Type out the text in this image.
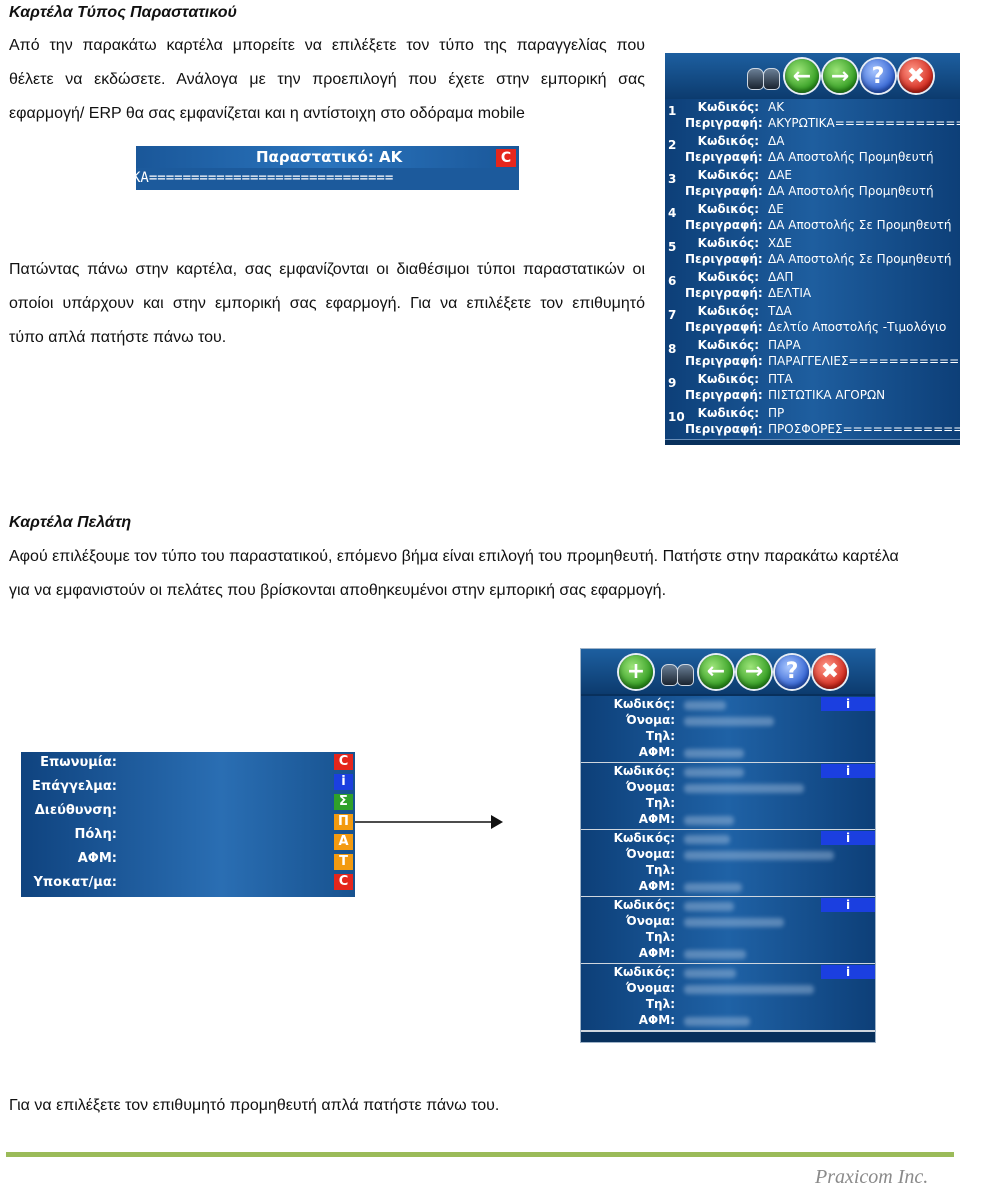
Καρτέλα Τύπος Παραστατικού
Από την παρακάτω καρτέλα μπορείτε να επιλέξετε τον τύπο της παραγγελίας που
θέλετε να εκδώσετε. Ανάλογα με την προεπιλογή που έχετε στην εμπορική σας
εφαρμογή/ ERP θα σας εμφανίζεται και η αντίστοιχη στο οδόραμα mobile
Παραστατικό: ΑΚ	C
ΚΑ=============================
Πατώντας πάνω στην καρτέλα, σας εμφανίζονται οι διαθέσιμοι τύποι παραστατικών οι
οποίοι υπάρχουν και στην εμπορική σας εφαρμογή. Για να επιλέξετε τον επιθυμητό
τύπο απλά πατήστε πάνω του.
← →	?	✖
1	Κωδικός: ΑΚ
Περιγραφή: ΑΚΥΡΩΤΙΚΑ===============
2	Κωδικός: ΔΑ
Περιγραφή: ΔΑ Αποστολής Προμηθευτή
3	Κωδικός: ΔΑΕ
Περιγραφή: ΔΑ Αποστολής Προμηθευτή
4	Κωδικός: ΔΕ
Περιγραφή: ΔΑ Αποστολής Σε Προμηθευτή
5	Κωδικός: ΧΔΕ
Περιγραφή: ΔΑ Αποστολής Σε Προμηθευτή
6	Κωδικός: ΔΑΠ
Περιγραφή: ΔΕΛΤΙΑ
7	Κωδικός: ΤΔΑ
Περιγραφή: Δελτίο Αποστολής -Τιμολόγιο
8	Κωδικός: ΠΑΡΑ
Περιγραφή: ΠΑΡΑΓΓΕΛΙΕΣ=============
9	Κωδικός: ΠΤΑ
Περιγραφή: ΠΙΣΤΩΤΙΚΑ ΑΓΟΡΩΝ
10	Κωδικός: ΠΡ
Περιγραφή: ΠΡΟΣΦΟΡΕΣ===============
Καρτέλα Πελάτη
Αφού επιλέξουμε τον τύπο του παραστατικού, επόμενο βήμα είναι επιλογή του προμηθευτή. Πατήστε στην παρακάτω καρτέλα
για να εμφανιστούν οι πελάτες που βρίσκονται αποθηκευμένοι στην εμπορική σας εφαρμογή.
Επωνυμία:
Επάγγελμα:
Διεύθυνση:
Πόλη:
ΑΦΜ:
Υποκατ/μα:
C
i
Σ
Π
Α
Τ
C
+	← →	?	✖
i
Κωδικός:
Όνομα:
Τηλ:
ΑΦΜ:
i
Κωδικός:
Όνομα:
Τηλ:
ΑΦΜ:
i
Κωδικός:
Όνομα:
Τηλ:
ΑΦΜ:
i
Κωδικός:
Όνομα:
Τηλ:
ΑΦΜ:
i
Κωδικός:
Όνομα:
Τηλ:
ΑΦΜ:
Για να επιλέξετε τον επιθυμητό προμηθευτή απλά πατήστε πάνω του.
Praxicom Inc.
